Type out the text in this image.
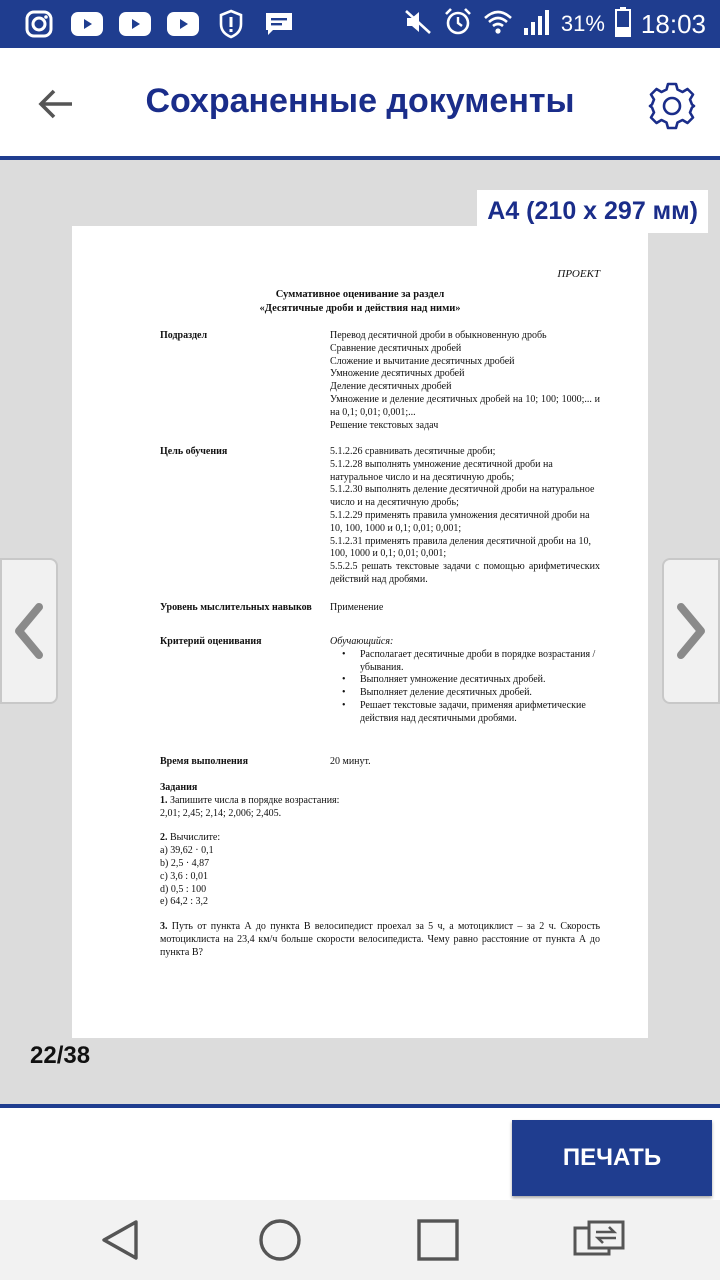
31% 18:03
Сохраненные документы
A4 (210 x 297 мм)
ПРОЕКТ
Суммативное оценивание за раздел
«Десятичные дроби и действия над ними»
Подраздел	Перевод десятичной дроби в обыкновенную дробь
Сравнение десятичных дробей
Сложение и вычитание десятичных дробей
Умножение десятичных дробей
Деление десятичных дробей
Умножение и деление десятичных дробей на 10; 100; 1000;... и на 0,1; 0,01; 0,001;...
Решение текстовых задач
Цель обучения	5.1.2.26 сравнивать десятичные дроби;
5.1.2.28 выполнять умножение десятичной дроби на натуральное число и на десятичную дробь;
5.1.2.30 выполнять деление десятичной дроби на натуральное число и на десятичную дробь;
5.1.2.29 применять правила умножения десятичной дроби на 10, 100, 1000 и 0,1; 0,01; 0,001;
5.1.2.31 применять правила деления десятичной дроби на 10, 100, 1000 и 0,1; 0,01; 0,001;
5.5.2.5 решать текстовые задачи с помощью арифметических действий над дробями.
Уровень мыслительных навыков	Применение
Критерий оценивания	Обучающийся:
• Располагает десятичные дроби в порядке возрастания / убывания.
• Выполняет умножение десятичных дробей.
• Выполняет деление десятичных дробей.
• Решает текстовые задачи, применяя арифметические действия над десятичными дробями.
Время выполнения	20 минут.
Задания
1. Запишите числа в порядке возрастания:
2,01; 2,45; 2,14; 2,006; 2,405.
2. Вычислите:
a) 39,62 · 0,1
b) 2,5 · 4,87
c) 3,6 : 0,01
d) 0,5 : 100
e) 64,2 : 3,2
3. Путь от пункта А до пункта В велосипедист проехал за 5 ч, а мотоциклист – за 2 ч. Скорость мотоциклиста на 23,4 км/ч больше скорости велосипедиста. Чему равно расстояние от пункта А до пункта В?
22/38
ПЕЧАТЬ
